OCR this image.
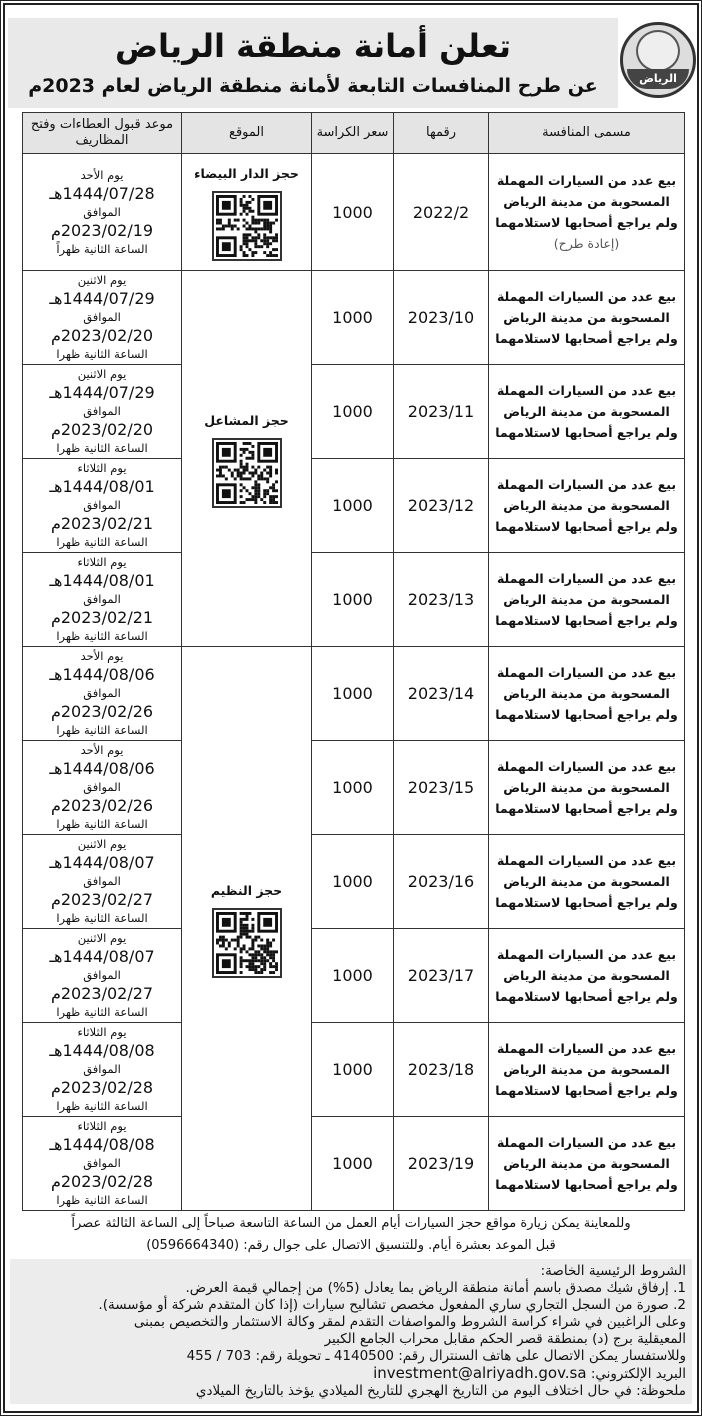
تعلن أمانة منطقة الرياض
عن طرح المنافسات التابعة لأمانة منطقة الرياض لعام 2023م	الرياض
مسمى المنافسة	رقمها	سعر الكراسة	الموقع	موعد قبول العطاءات وفتح المظاريف
بيع عدد من السيارات المهملة المسحوبة من مدينة الرياض ولم يراجع أصحابها لاستلامهما (إعادة طرح)	2022/2	1000	حجز الدار البيضاء	يوم الأحد
1444/07/28هـ
الموافق
2023/02/19م
الساعة الثانية ظهراً

بيع عدد من السيارات المهملة المسحوبة من مدينة الرياض ولم يراجع أصحابها لاستلامهما	2023/10	1000	حجز المشاعل	يوم الاثنين
1444/07/29هـ
الموافق
2023/02/20م
الساعة الثانية ظهرا

بيع عدد من السيارات المهملة المسحوبة من مدينة الرياض ولم يراجع أصحابها لاستلامهما	2023/11	1000		يوم الاثنين
1444/07/29هـ
الموافق
2023/02/20م
الساعة الثانية ظهرا

بيع عدد من السيارات المهملة المسحوبة من مدينة الرياض ولم يراجع أصحابها لاستلامهما	2023/12	1000		يوم الثلاثاء
1444/08/01هـ
الموافق
2023/02/21م
الساعة الثانية ظهرا

بيع عدد من السيارات المهملة المسحوبة من مدينة الرياض ولم يراجع أصحابها لاستلامهما	2023/13	1000		يوم الثلاثاء
1444/08/01هـ
الموافق
2023/02/21م
الساعة الثانية ظهرا

بيع عدد من السيارات المهملة المسحوبة من مدينة الرياض ولم يراجع أصحابها لاستلامهما	2023/14	1000	حجز النظيم	يوم الأحد
1444/08/06هـ
الموافق
2023/02/26م
الساعة الثانية ظهرا

بيع عدد من السيارات المهملة المسحوبة من مدينة الرياض ولم يراجع أصحابها لاستلامهما	2023/15	1000		يوم الأحد
1444/08/06هـ
الموافق
2023/02/26م
الساعة الثانية ظهرا

بيع عدد من السيارات المهملة المسحوبة من مدينة الرياض ولم يراجع أصحابها لاستلامهما	2023/16	1000		يوم الاثنين
1444/08/07هـ
الموافق
2023/02/27م
الساعة الثانية ظهرا

بيع عدد من السيارات المهملة المسحوبة من مدينة الرياض ولم يراجع أصحابها لاستلامهما	2023/17	1000		يوم الاثنين
1444/08/07هـ
الموافق
2023/02/27م
الساعة الثانية ظهرا

بيع عدد من السيارات المهملة المسحوبة من مدينة الرياض ولم يراجع أصحابها لاستلامهما	2023/18	1000		يوم الثلاثاء
1444/08/08هـ
الموافق
2023/02/28م
الساعة الثانية ظهرا

بيع عدد من السيارات المهملة المسحوبة من مدينة الرياض ولم يراجع أصحابها لاستلامهما	2023/19	1000		يوم الثلاثاء
1444/08/08هـ
الموافق
2023/02/28م
الساعة الثانية ظهرا
وللمعاينة يمكن زيارة مواقع حجز السيارات أيام العمل من الساعة التاسعة صباحاً إلى الساعة الثالثة عصراً
قبل الموعد بعشرة أيام. وللتنسيق الاتصال على جوال رقم: (0596664340)
الشروط الرئيسية الخاصة:
1. إرفاق شيك مصدق باسم أمانة منطقة الرياض بما يعادل (5%) من إجمالي قيمة العرض.
2. صورة من السجل التجاري ساري المفعول مخصص تشاليح سيارات (إذا كان المتقدم شركة أو مؤسسة).
وعلى الراغبين في شراء كراسة الشروط والمواصفات التقدم لمقر وكالة الاستثمار والتخصيص بمبنى
المعيقلية برج (د) بمنطقة قصر الحكم مقابل محراب الجامع الكبير
وللاستفسار يمكن الاتصال على هاتف السنترال رقم: 4140500 ـ تحويلة رقم: 703 / 455
البريد الإلكتروني: investment@alriyadh.gov.sa
ملحوظة: في حال اختلاف اليوم من التاريخ الهجري للتاريخ الميلادي يؤخذ بالتاريخ الميلادي
